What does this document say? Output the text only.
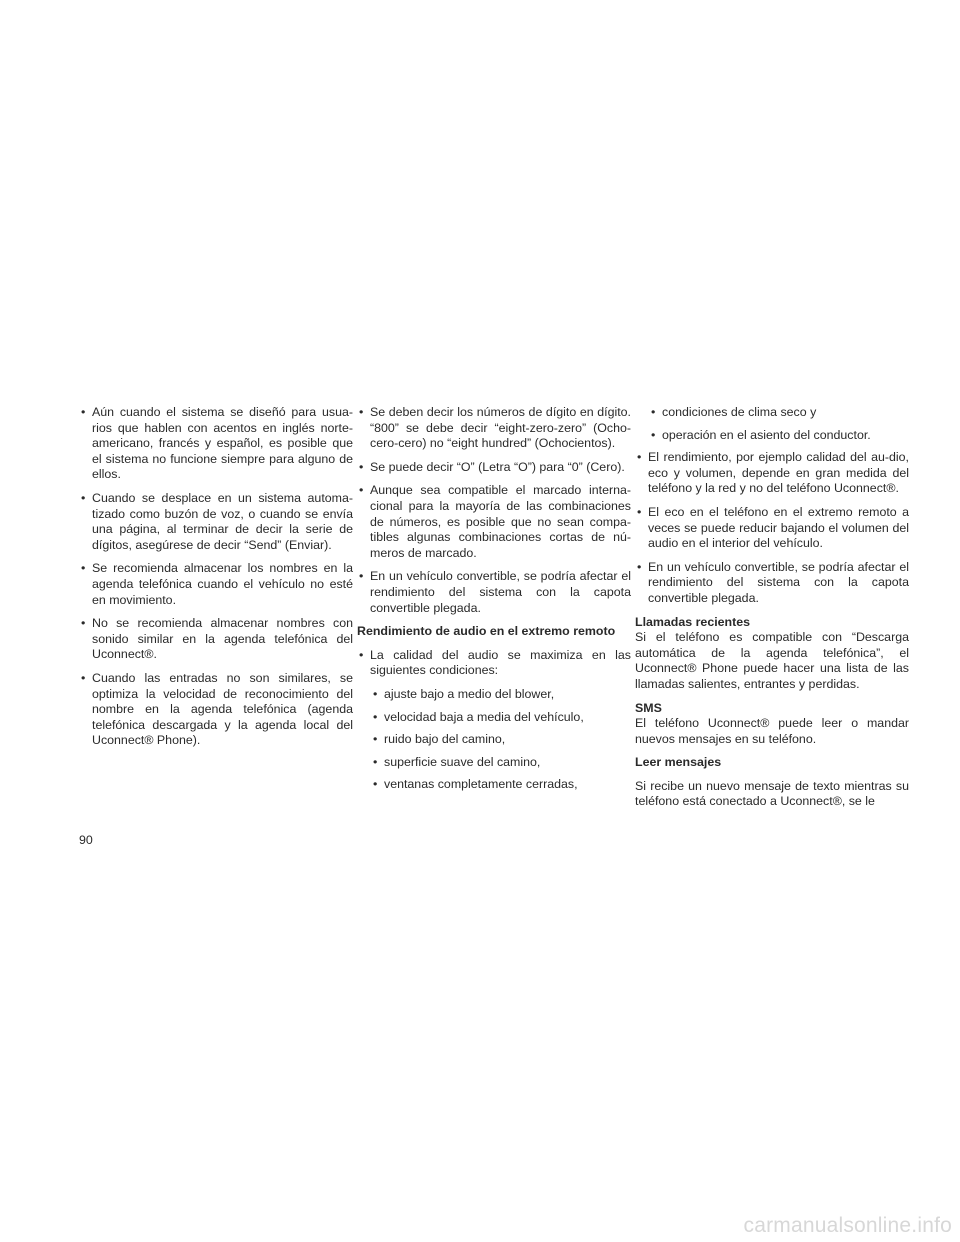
• Aún cuando el sistema se diseñó para usua-rios que hablen con acentos en inglés norte-americano, francés y español, es posible que el sistema no funcione siempre para alguno de ellos.
• Cuando se desplace en un sistema automa-tizado como buzón de voz, o cuando se envía una página, al terminar de decir la serie de dígitos, asegúrese de decir “Send” (Enviar).
• Se recomienda almacenar los nombres en la agenda telefónica cuando el vehículo no esté en movimiento.
• No se recomienda almacenar nombres con sonido similar en la agenda telefónica del Uconnect®.
• Cuando las entradas no son similares, se optimiza la velocidad de reconocimiento del nombre en la agenda telefónica (agenda telefónica descargada y la agenda local del Uconnect® Phone).
• Se deben decir los números de dígito en dígito. “800” se debe decir “eight-zero-zero” (Ocho-cero-cero) no “eight hundred” (Ochocientos).
• Se puede decir “O” (Letra “O”) para “0” (Cero).
• Aunque sea compatible el marcado interna-cional para la mayoría de las combinaciones de números, es posible que no sean compa-tibles algunas combinaciones cortas de nú-meros de marcado.
• En un vehículo convertible, se podría afectar el rendimiento del sistema con la capota convertible plegada.
Rendimiento de audio en el extremo remoto
• La calidad del audio se maximiza en las siguientes condiciones:
• ajuste bajo a medio del blower,
• velocidad baja a media del vehículo,
• ruido bajo del camino,
• superficie suave del camino,
• ventanas completamente cerradas,
• condiciones de clima seco y
• operación en el asiento del conductor.
• El rendimiento, por ejemplo calidad del au-dio, eco y volumen, depende en gran medida del teléfono y la red y no del teléfono Uconnect®.
• El eco en el teléfono en el extremo remoto a veces se puede reducir bajando el volumen del audio en el interior del vehículo.
• En un vehículo convertible, se podría afectar el rendimiento del sistema con la capota convertible plegada.
Llamadas recientes
Si el teléfono es compatible con “Descarga automática de la agenda telefónica”, el Uconnect® Phone puede hacer una lista de las llamadas salientes, entrantes y perdidas.
SMS
El teléfono Uconnect® puede leer o mandar nuevos mensajes en su teléfono.
Leer mensajes
Si recibe un nuevo mensaje de texto mientras su teléfono está conectado a Uconnect®, se le
90
carmanualsonline.info
